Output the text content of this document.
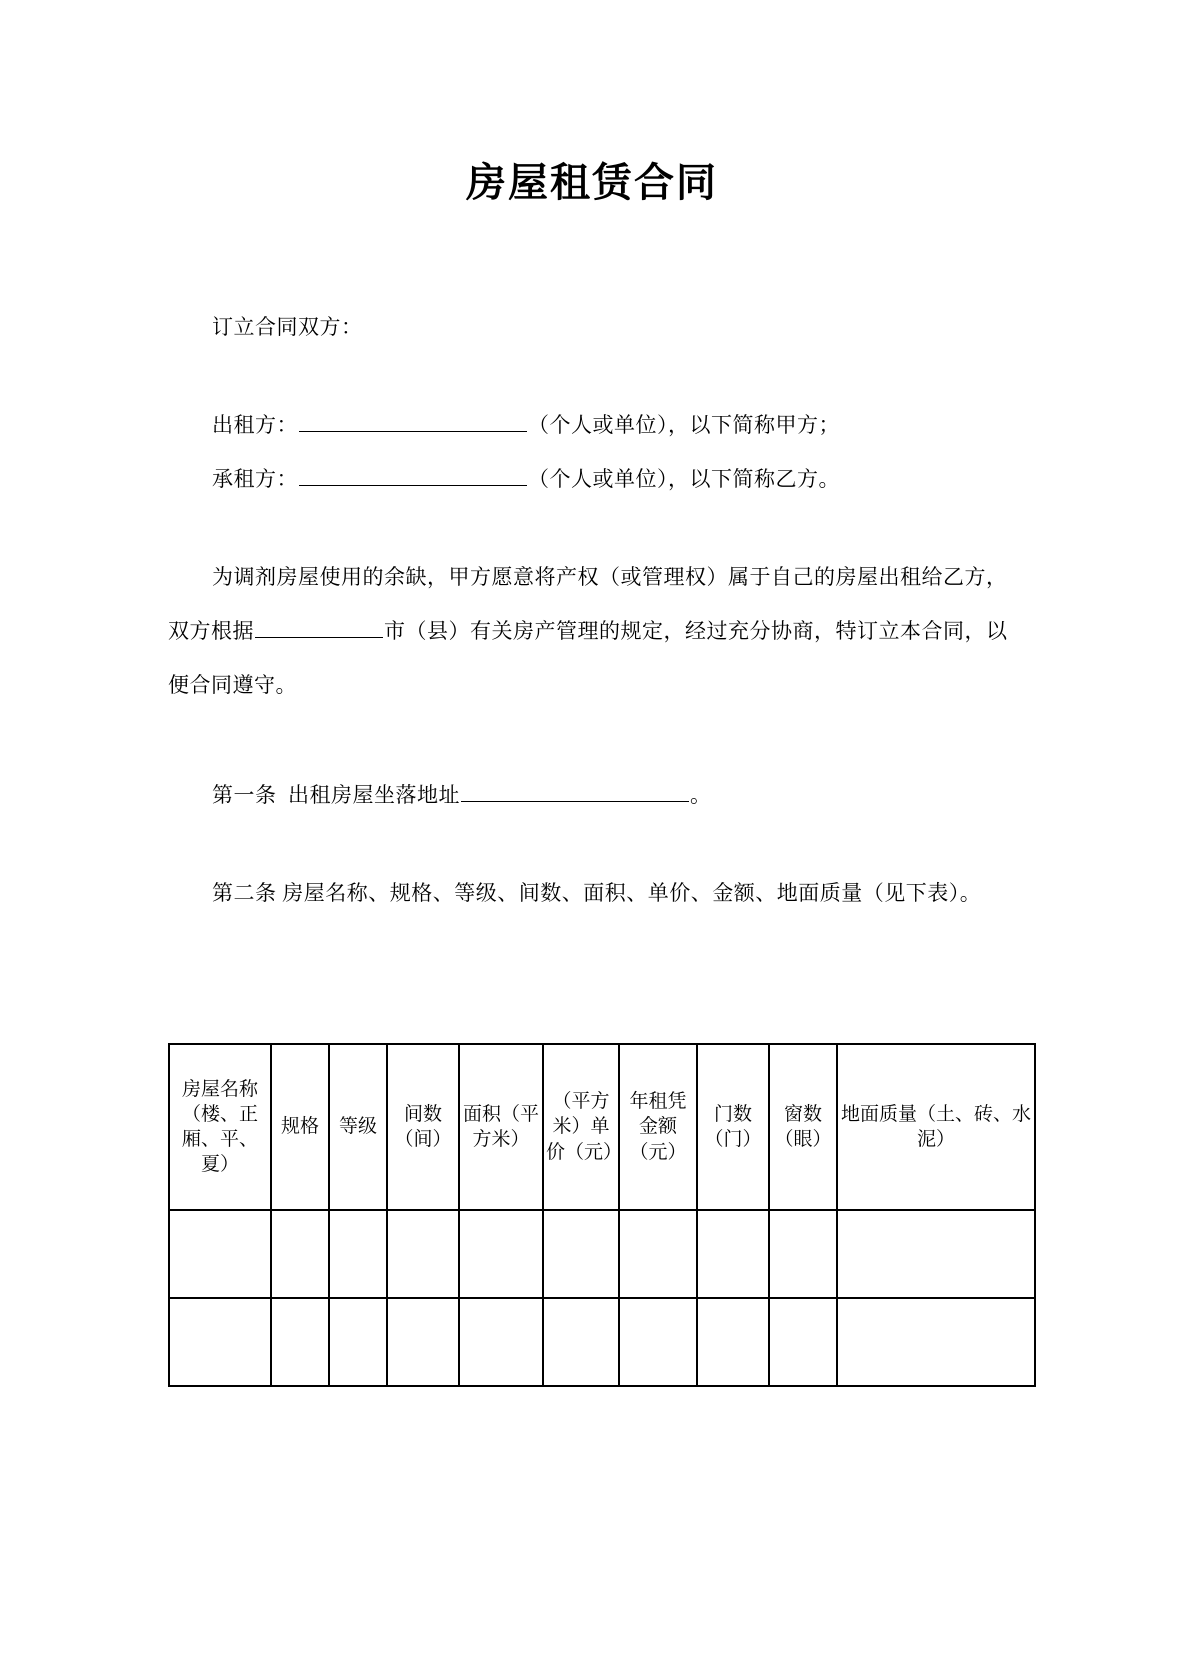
房屋租赁合同

订立合同双方：

出租方：	（个人或单位），以下简称甲方；

承租方：	（个人或单位），以下简称乙方。

为调剂房屋使用的余缺，甲方愿意将产权（或管理权）属于自己的房屋出租给乙方，双方根据	市（县）有关房产管理的规定，经过充分协商，特订立本合同，以便合同遵守。

第一条 出租房屋坐落地址	。

第二条 房屋名称、规格、等级、间数、面积、单价、金额、地面质量（见下表）。

房屋名称（楼、正厢、平、夏）	规格	等级	间数（间）	面积（平方米）	（平方米）单价（元）	年租凭金额（元）	门数（门）	窗数（眼）	地面质量（土、砖、水泥）
